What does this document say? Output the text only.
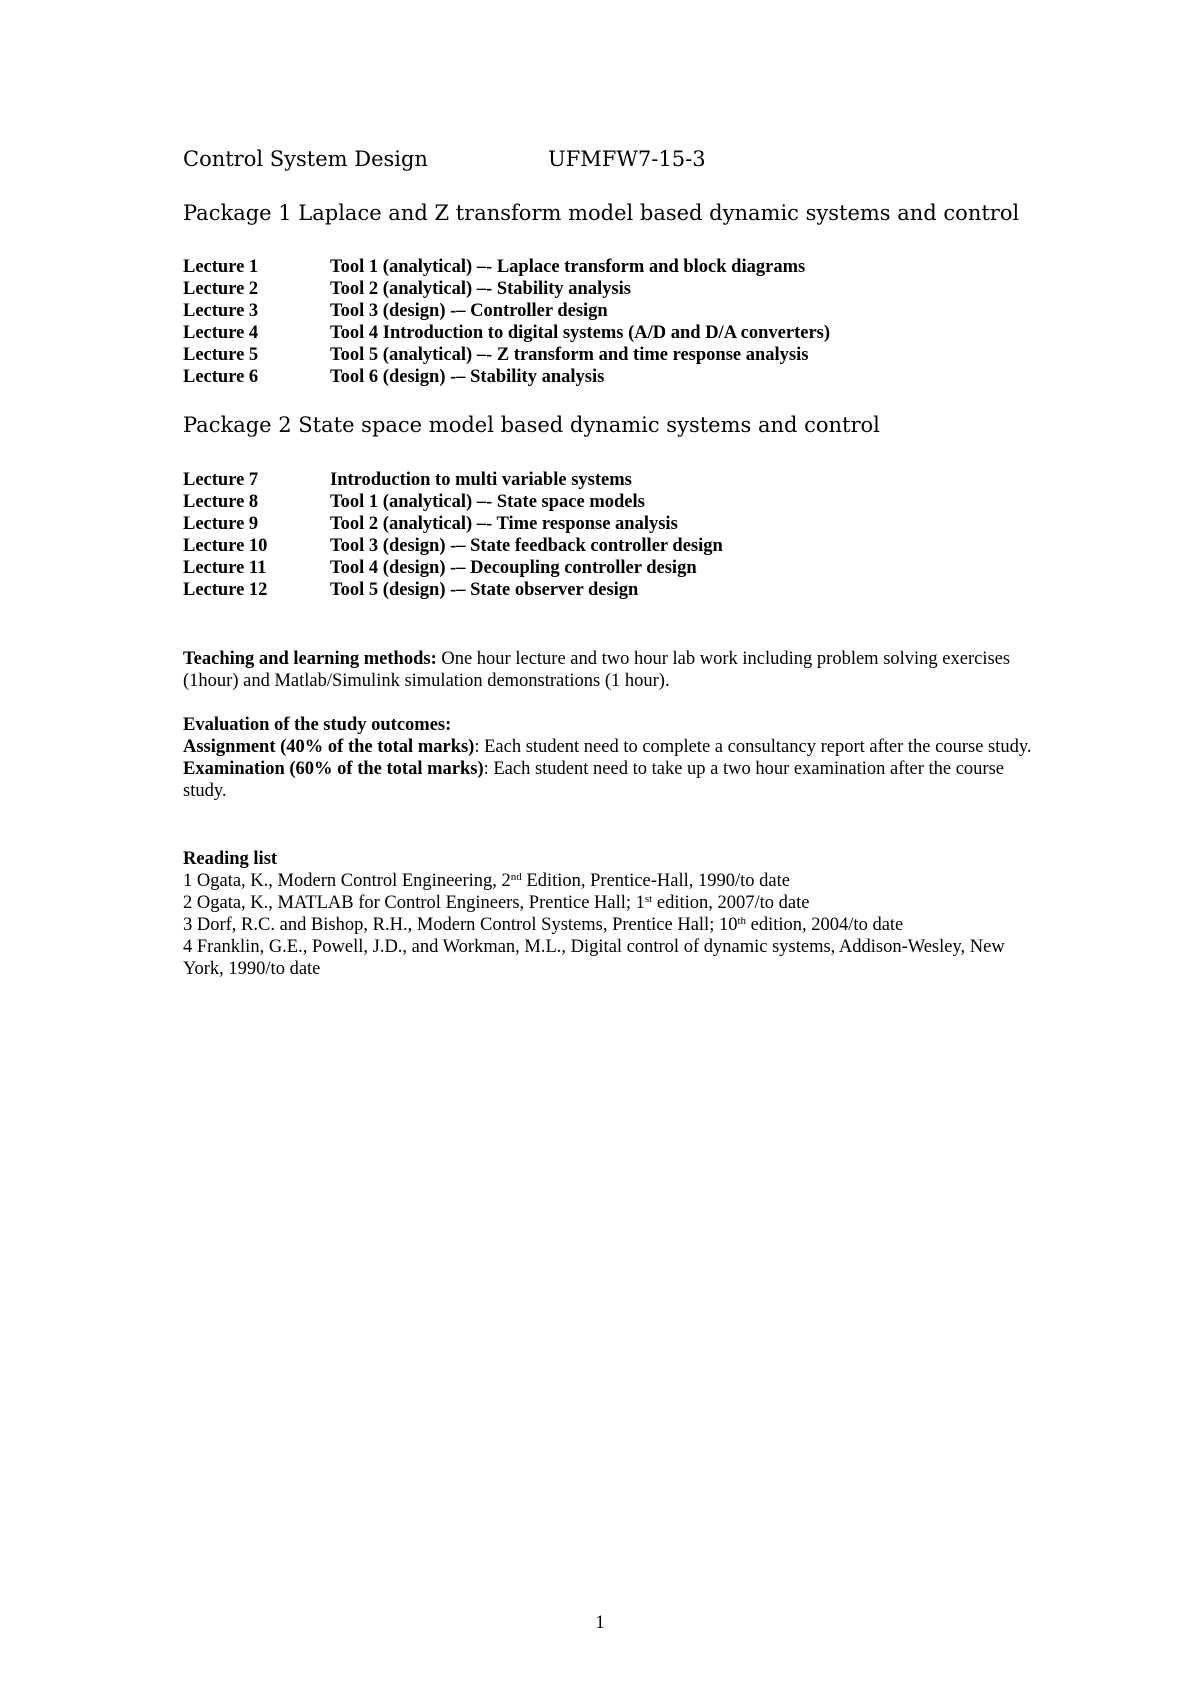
Control System Design	UFMFW7-15-3
Package 1 Laplace and Z transform model based dynamic systems and control
Lecture 1	Tool 1 (analytical) –- Laplace transform and block diagrams
Lecture 2	Tool 2 (analytical) –- Stability analysis
Lecture 3	Tool 3 (design) -– Controller design
Lecture 4	Tool 4 Introduction to digital systems (A/D and D/A converters)
Lecture 5	Tool 5 (analytical) –- Z transform and time response analysis
Lecture 6	Tool 6 (design) -– Stability analysis
Package 2 State space model based dynamic systems and control
Lecture 7	Introduction to multi variable systems
Lecture 8	Tool 1 (analytical) –- State space models
Lecture 9	Tool 2 (analytical) –- Time response analysis
Lecture 10	Tool 3 (design) -– State feedback controller design
Lecture 11	Tool 4 (design) -– Decoupling controller design
Lecture 12	Tool 5 (design) -– State observer design

Teaching and learning methods: One hour lecture and two hour lab work including problem solving exercises (1hour) and Matlab/Simulink simulation demonstrations (1 hour).

Evaluation of the study outcomes:

Assignment (40% of the total marks): Each student need to complete a consultancy report after the course study.

Examination (60% of the total marks): Each student need to take up a two hour examination after the course study.

Reading list

1 Ogata, K., Modern Control Engineering, 2nd Edition, Prentice-Hall, 1990/to date

2 Ogata, K., MATLAB for Control Engineers, Prentice Hall; 1st edition, 2007/to date

3 Dorf, R.C. and Bishop, R.H., Modern Control Systems, Prentice Hall; 10th edition, 2004/to date

4 Franklin, G.E., Powell, J.D., and Workman, M.L., Digital control of dynamic systems, Addison-Wesley, New York, 1990/to date

1
